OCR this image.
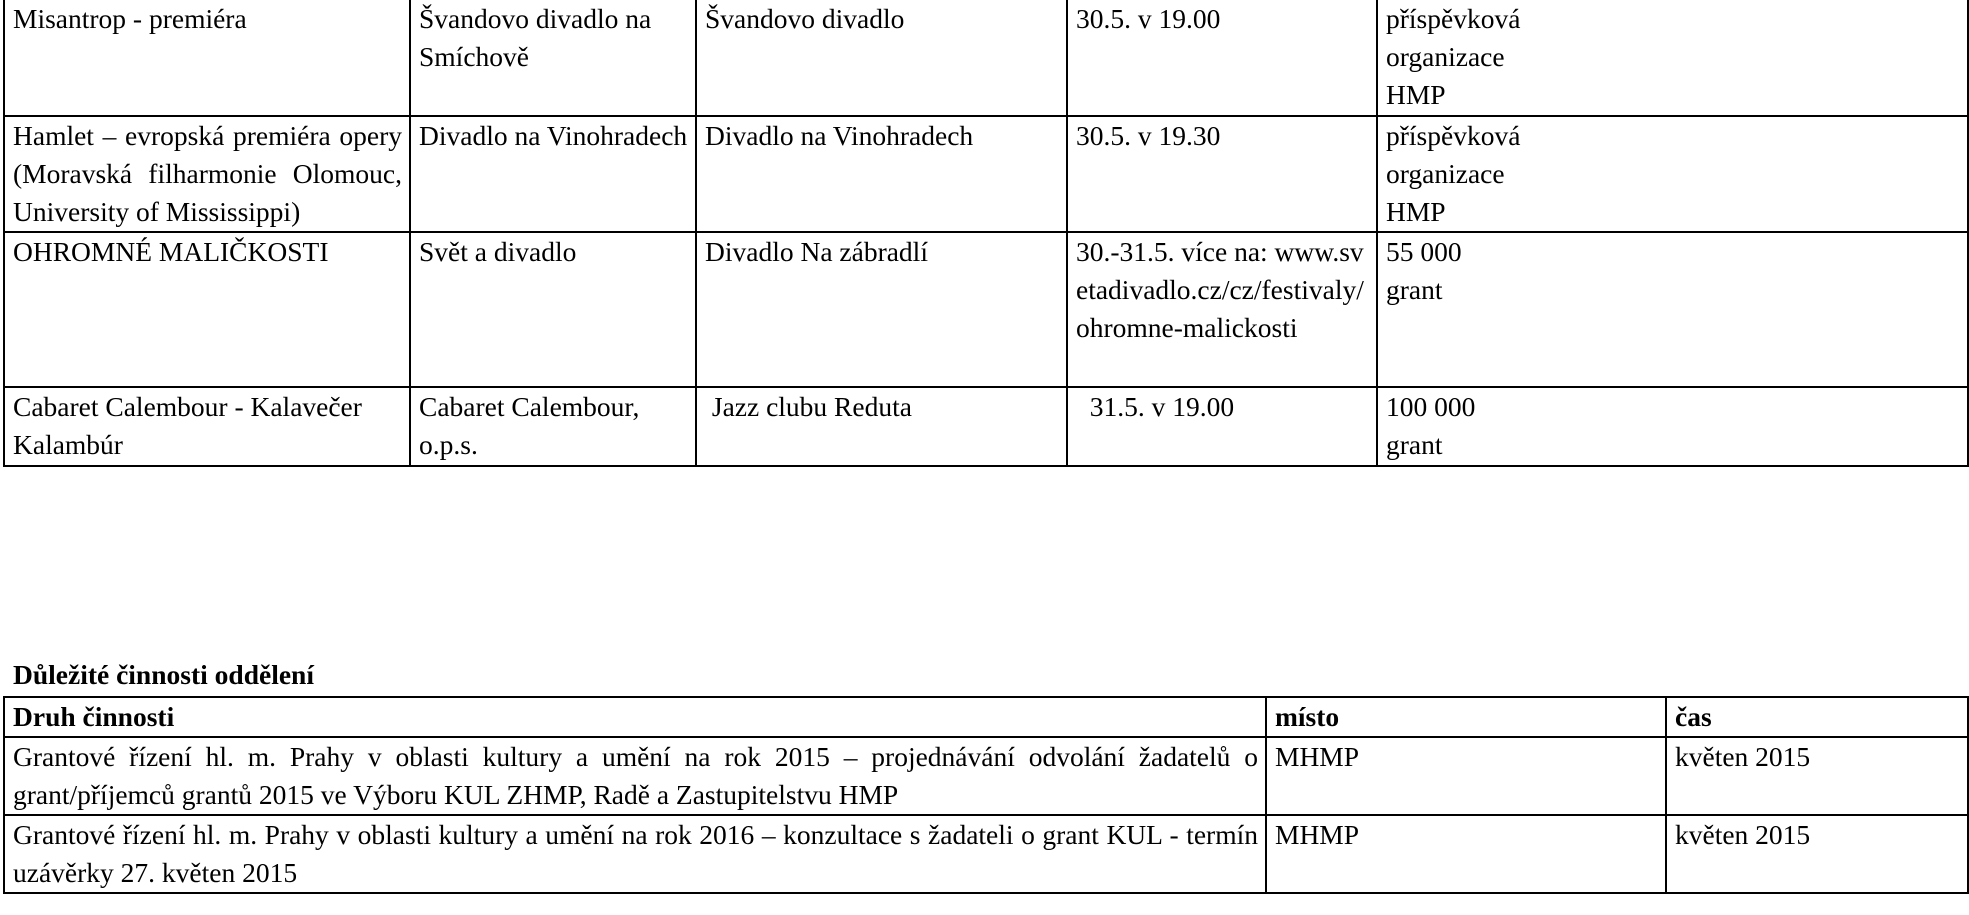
Misantrop - premiéra	Švandovo divadlo na Smíchově	Švandovo divadlo	30.5. v 19.00	příspěvková
organizace
HMP

Hamlet – evropská premiéra opery (Moravská filharmonie Olomouc, University of Mississippi)	Divadlo na Vinohradech	Divadlo na Vinohradech	30.5. v 19.30	příspěvková
organizace
HMP

OHROMNÉ MALIČKOSTI	Svět a divadlo	Divadlo Na zábradlí	30.-31.5. více na: www.svetadivadlo.cz/cz/festivaly/ohromne-malickosti	55 000
grant

Cabaret Calembour - Kalavečer Kalambúr	Cabaret Calembour, o.p.s.	Jazz clubu Reduta	31.5. v 19.00	100 000
grant
Důležité činnosti oddělení
Druh činnosti	místo	čas
Grantové řízení hl. m. Prahy v oblasti kultury a umění na rok 2015 – projednávání odvolání žadatelů o grant/příjemců grantů 2015 ve Výboru KUL ZHMP, Radě a Zastupitelstvu HMP	MHMP	květen 2015
Grantové řízení hl. m. Prahy v oblasti kultury a umění na rok 2016 – konzultace s žadateli o grant KUL - termín uzávěrky 27. květen 2015	MHMP	květen 2015
